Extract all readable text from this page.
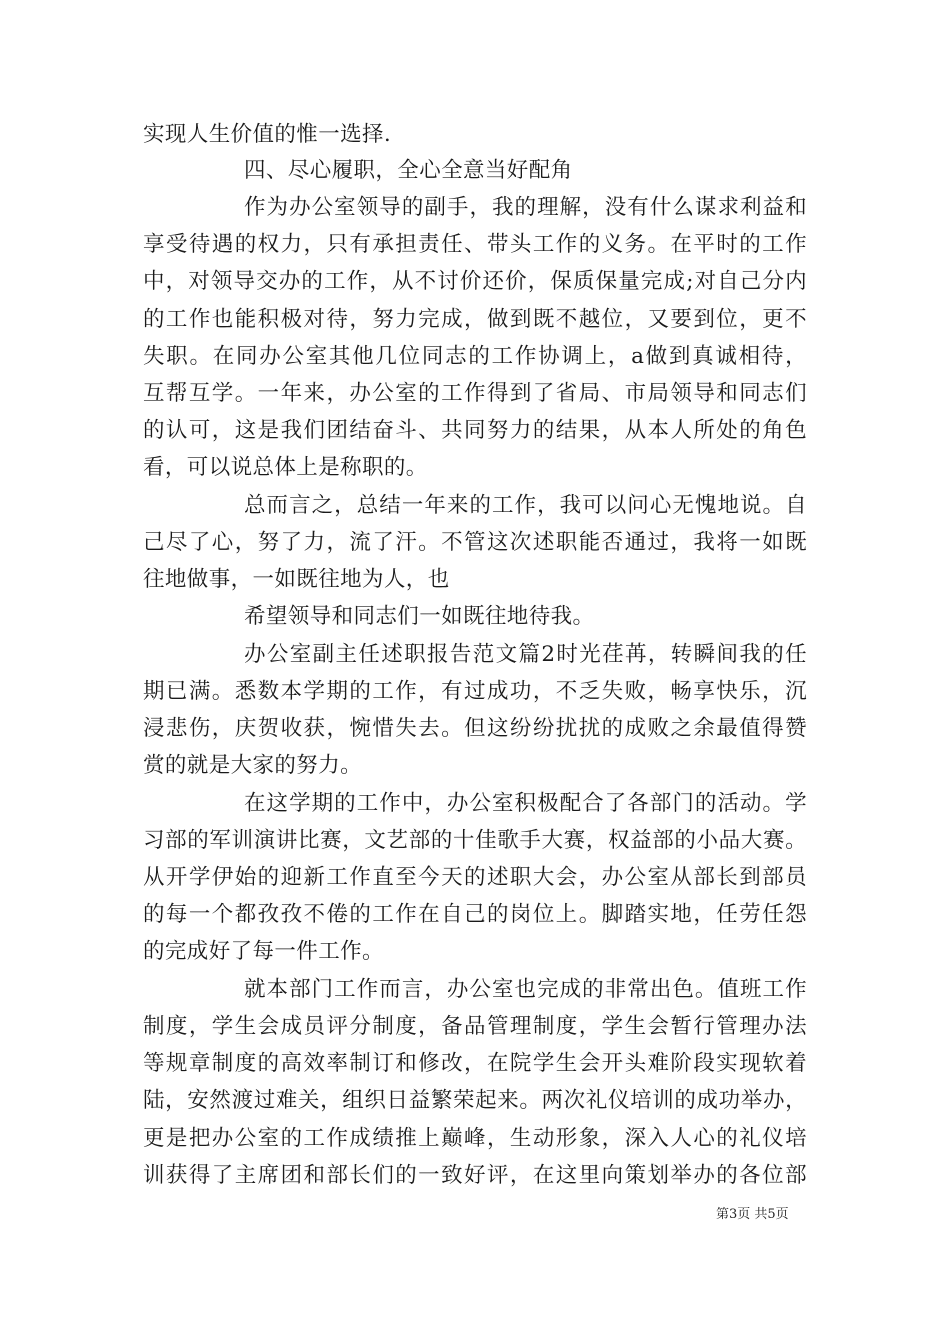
实现人生价值的惟一选择.
四、尽心履职，全心全意当好配角
作为办公室领导的副手，我的理解，没有什么谋求利益和
享受待遇的权力，只有承担责任、带头工作的义务。在平时的工作
中，对领导交办的工作，从不讨价还价，保质保量完成;对自己分内
的工作也能积极对待，努力完成，做到既不越位，又要到位，更不
失职。在同办公室其他几位同志的工作协调上，a做到真诚相待，
互帮互学。一年来，办公室的工作得到了省局、市局领导和同志们
的认可，这是我们团结奋斗、共同努力的结果，从本人所处的角色
看，可以说总体上是称职的。
总而言之，总结一年来的工作，我可以问心无愧地说。自
己尽了心，努了力，流了汗。不管这次述职能否通过，我将一如既
往地做事，一如既往地为人，也
希望领导和同志们一如既往地待我。
办公室副主任述职报告范文篇2时光荏苒，转瞬间我的任
期已满。悉数本学期的工作，有过成功，不乏失败，畅享快乐，沉
浸悲伤，庆贺收获，惋惜失去。但这纷纷扰扰的成败之余最值得赞
赏的就是大家的努力。
在这学期的工作中，办公室积极配合了各部门的活动。学
习部的军训演讲比赛，文艺部的十佳歌手大赛，权益部的小品大赛。
从开学伊始的迎新工作直至今天的述职大会，办公室从部长到部员
的每一个都孜孜不倦的工作在自己的岗位上。脚踏实地，任劳任怨
的完成好了每一件工作。
就本部门工作而言，办公室也完成的非常出色。值班工作
制度，学生会成员评分制度，备品管理制度，学生会暂行管理办法
等规章制度的高效率制订和修改，在院学生会开头难阶段实现软着
陆，安然渡过难关，组织日益繁荣起来。两次礼仪培训的成功举办，
更是把办公室的工作成绩推上巅峰，生动形象，深入人心的礼仪培
训获得了主席团和部长们的一致好评，在这里向策划举办的各位部
第3页 共5页
